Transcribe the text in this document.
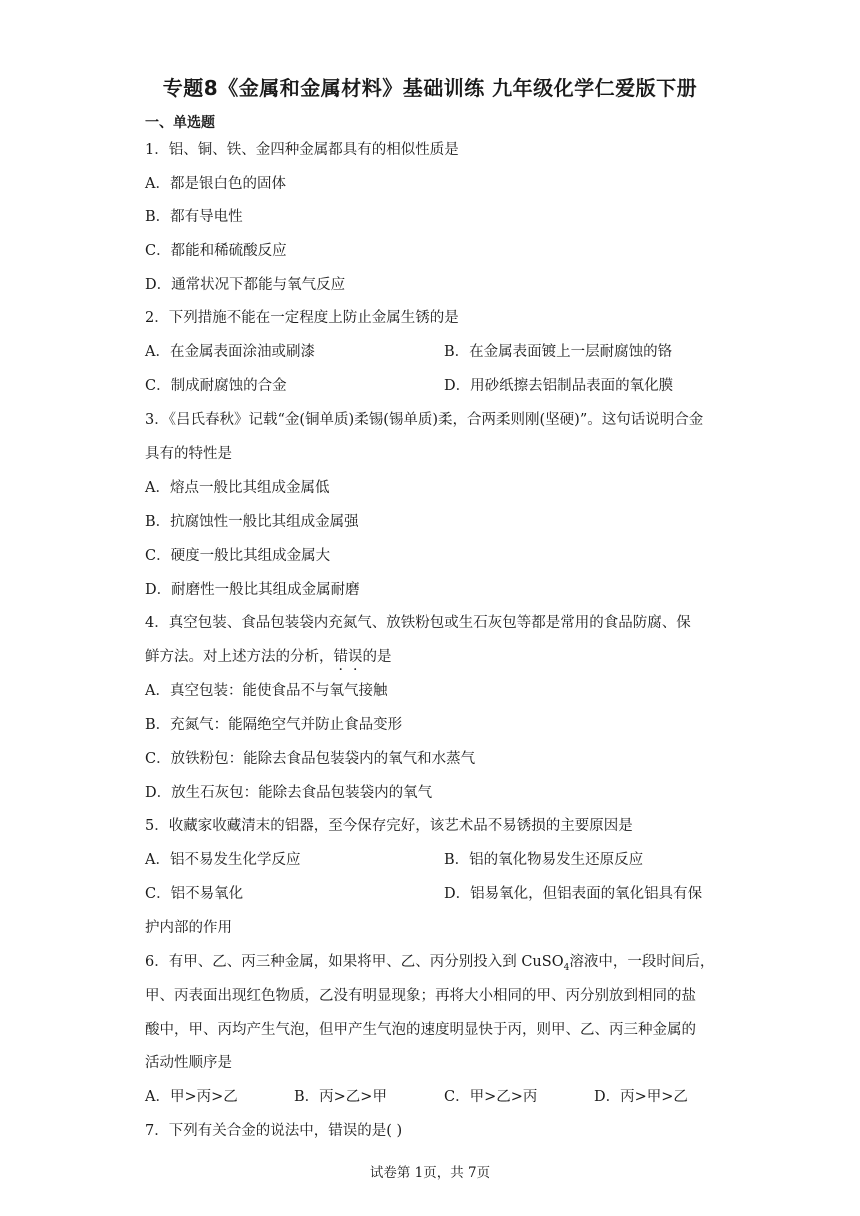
专题8《金属和金属材料》基础训练 九年级化学仁爱版下册
一、单选题
1．铝、铜、铁、金四种金属都具有的相似性质是
A．都是银白色的固体
B．都有导电性
C．都能和稀硫酸反应
D．通常状况下都能与氧气反应
2．下列措施不能在一定程度上防止金属生锈的是
A．在金属表面涂油或刷漆	B．在金属表面镀上一层耐腐蚀的铬
C．制成耐腐蚀的合金	D．用砂纸擦去铝制品表面的氧化膜
3．《吕氏春秋》记载“金(铜单质)柔锡(锡单质)柔，合两柔则刚(坚硬)”。这句话说明合金
具有的特性是
A．熔点一般比其组成金属低
B．抗腐蚀性一般比其组成金属强
C．硬度一般比其组成金属大
D．耐磨性一般比其组成金属耐磨
4．真空包装、食品包装袋内充氮气、放铁粉包或生石灰包等都是常用的食品防腐、保
鲜方法。对上述方法的分析，错误的是
A．真空包装：能使食品不与氧气接触
B．充氮气：能隔绝空气并防止食品变形
C．放铁粉包：能除去食品包装袋内的氧气和水蒸气
D．放生石灰包：能除去食品包装袋内的氧气
5．收藏家收藏清末的铝器，至今保存完好，该艺术品不易锈损的主要原因是
A．铝不易发生化学反应	B．铝的氧化物易发生还原反应
C．铝不易氧化	D．铝易氧化，但铝表面的氧化铝具有保
护内部的作用
6．有甲、乙、丙三种金属，如果将甲、乙、丙分别投入到 CuSO$_4$溶液中，一段时间后，
甲、丙表面出现红色物质，乙没有明显现象；再将大小相同的甲、丙分别放到相同的盐
酸中，甲、丙均产生气泡，但甲产生气泡的速度明显快于丙，则甲、乙、丙三种金属的
活动性顺序是
A．甲>丙>乙	B．丙>乙>甲	C．甲>乙>丙	D．丙>甲>乙
7．下列有关合金的说法中，错误的是( )
试卷第 1页，共 7页
